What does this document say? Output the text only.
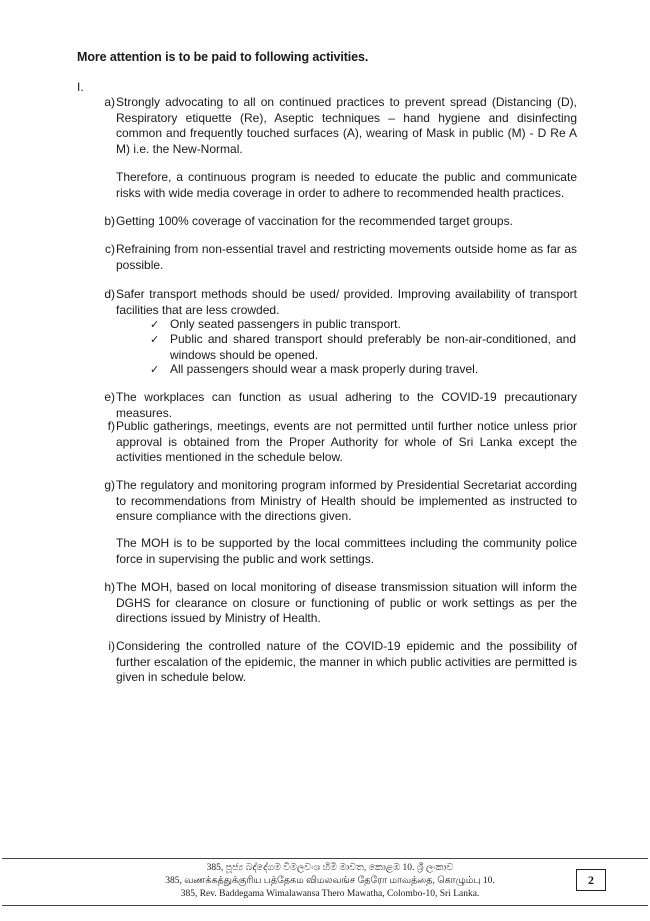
More attention is to be paid to following activities.
I.
a) Strongly advocating to all on continued practices to prevent spread (Distancing (D), Respiratory etiquette (Re), Aseptic techniques – hand hygiene and disinfecting common and frequently touched surfaces (A), wearing of Mask in public (M) - D Re A M) i.e. the New-Normal.
Therefore, a continuous program is needed to educate the public and communicate risks with wide media coverage in order to adhere to recommended health practices.
b) Getting 100% coverage of vaccination for the recommended target groups.
c) Refraining from non-essential travel and restricting movements outside home as far as possible.
d) Safer transport methods should be used/ provided. Improving availability of transport facilities that are less crowded.
✓ Only seated passengers in public transport.
✓ Public and shared transport should preferably be non-air-conditioned, and windows should be opened.
✓ All passengers should wear a mask properly during travel.
e) The workplaces can function as usual adhering to the COVID-19 precautionary measures.
f) Public gatherings, meetings, events are not permitted until further notice unless prior approval is obtained from the Proper Authority for whole of Sri Lanka except the activities mentioned in the schedule below.
g) The regulatory and monitoring program informed by Presidential Secretariat according to recommendations from Ministry of Health should be implemented as instructed to ensure compliance with the directions given.
The MOH is to be supported by the local committees including the community police force in supervising the public and work settings.
h) The MOH, based on local monitoring of disease transmission situation will inform the DGHS for clearance on closure or functioning of public or work settings as per the directions issued by Ministry of Health.
i) Considering the controlled nature of the COVID-19 epidemic and the possibility of further escalation of the epidemic, the manner in which public activities are permitted is given in schedule below.
385, පූජ්‍ය බද්දේගම විමලවංශ හිමි මාවත, කොළඹ 10. ශ්‍රී ලංකාව
385, வணக்கத்துக்குரிய பத்தேகம விமலவங்ச தேரோ மாவத்தை, கொழும்பு 10.
385, Rev. Baddegama Wimalawansa Thero Mawatha, Colombo-10, Sri Lanka.
2
